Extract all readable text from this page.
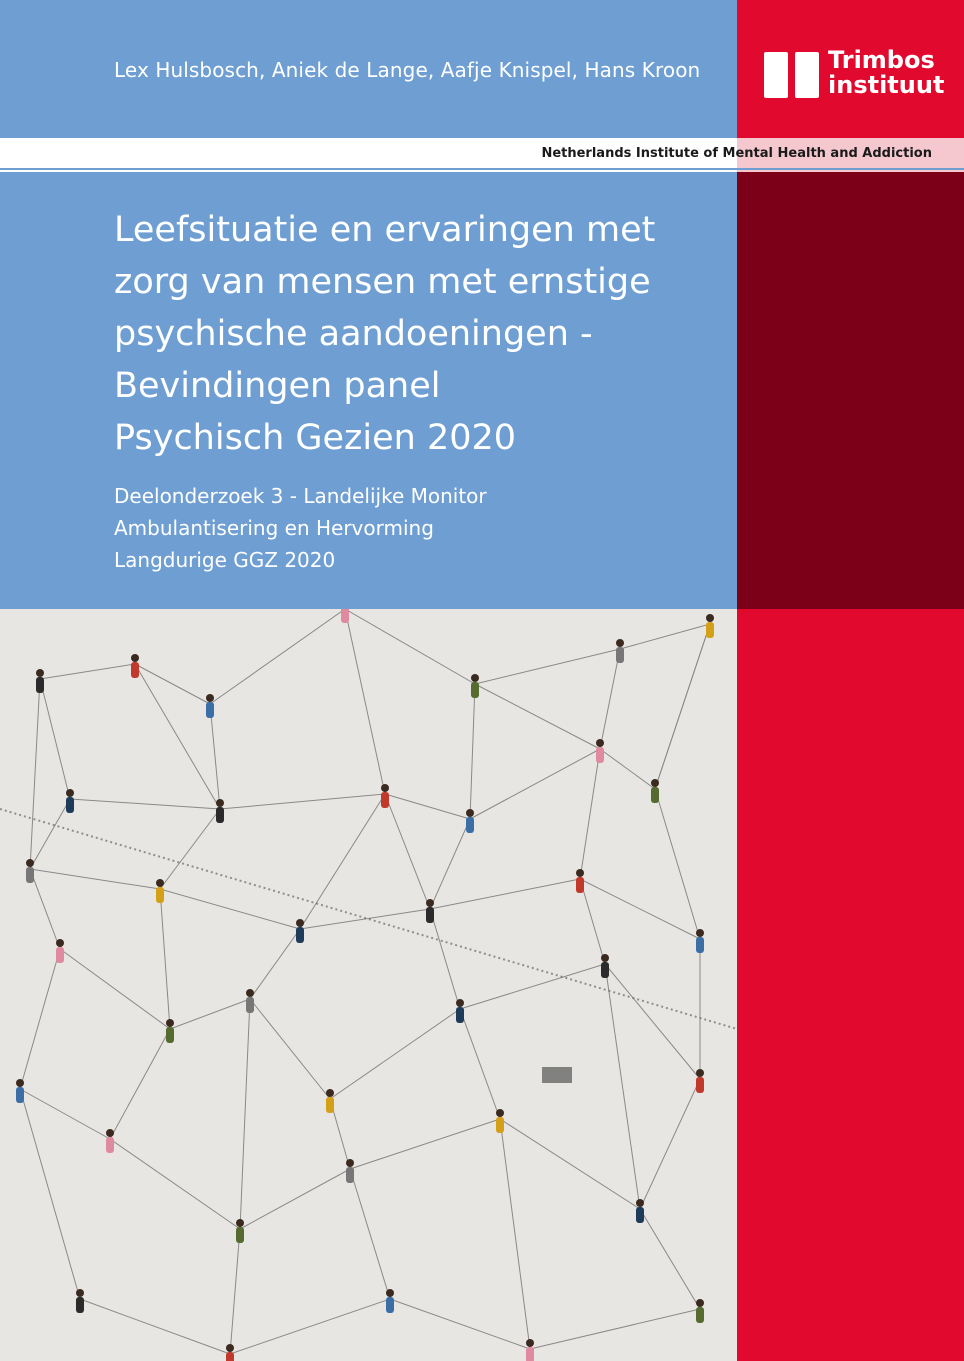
Lex Hulsbosch, Aniek de Lange, Aafje Knispel, Hans Kroon	Trimbos
instituut
Netherlands Institute of Mental Health and Addiction
Leefsituatie en ervaringen met
zorg van mensen met ernstige
psychische aandoeningen -
Bevindingen panel
Psychisch Gezien 2020
Deelonderzoek 3 - Landelijke Monitor
Ambulantisering en Hervorming
Langdurige GGZ 2020
